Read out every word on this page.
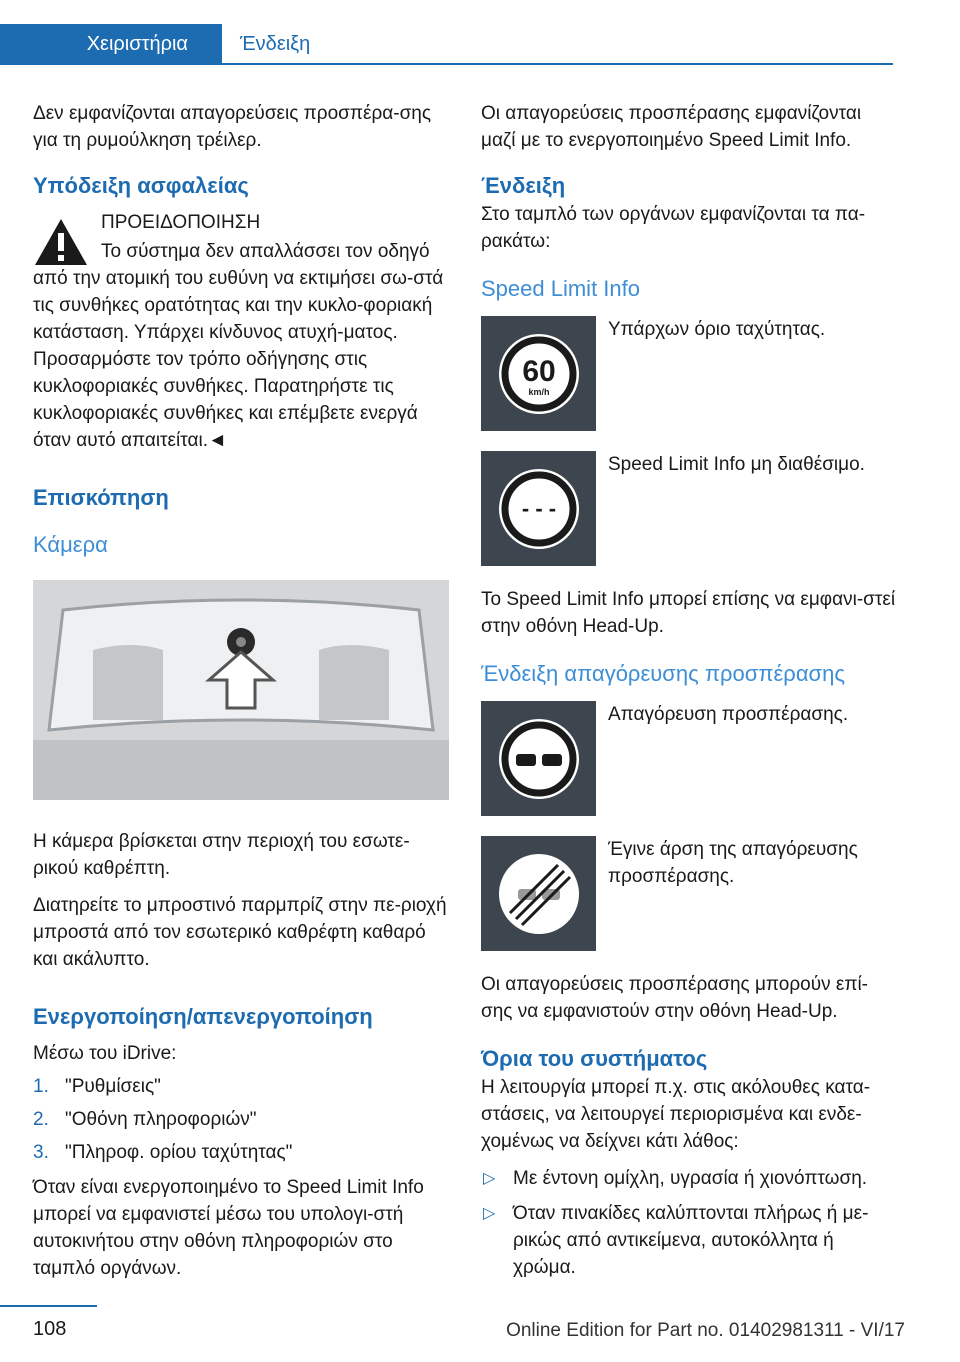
Χειριστήρια	Ένδειξη

Δεν εμφανίζονται απαγορεύσεις προσπέρα-σης για τη ρυμούλκηση τρέιλερ.

Υπόδειξη ασφαλείας

ΠΡΟΕΙΔΟΠΟΙΗΣΗ

Το σύστημα δεν απαλλάσσει τον οδηγό από την ατομική του ευθύνη να εκτιμήσει σω-στά τις συνθήκες ορατότητας και την κυκλο-φοριακή κατάσταση. Υπάρχει κίνδυνος ατυχή-ματος. Προσαρμόστε τον τρόπο οδήγησης στις κυκλοφοριακές συνθήκες. Παρατηρήστε τις κυκλοφοριακές συνθήκες και επέμβετε ενεργά όταν αυτό απαιτείται.◄

Επισκόπηση
Κάμερα

Η κάμερα βρίσκεται στην περιοχή του εσωτε-ρικού καθρέπτη.

Διατηρείτε το μπροστινό παρμπρίζ στην πε-ριοχή μπροστά από τον εσωτερικό καθρέφτη καθαρό και ακάλυπτο.

Ενεργοποίηση/απενεργοποίηση

Μέσω του iDrive:

1. "Ρυθμίσεις"
2. "Οθόνη πληροφοριών"
3. "Πληροφ. ορίου ταχύτητας"

Όταν είναι ενεργοποιημένο το Speed Limit Info μπορεί να εμφανιστεί μέσω του υπολογι-στή αυτοκινήτου στην οθόνη πληροφοριών στο ταμπλό οργάνων.

Οι απαγορεύσεις προσπέρασης εμφανίζονται μαζί με το ενεργοποιημένο Speed Limit Info.

Ένδειξη

Στο ταμπλό των οργάνων εμφανίζονται τα πα-ρακάτω:

Speed Limit Info
60
km/h
Υπάρχων όριο ταχύτητας.
- - -
Speed Limit Info μη διαθέσιμο.

Το Speed Limit Info μπορεί επίσης να εμφανι-στεί στην οθόνη Head-Up.

Ένδειξη απαγόρευσης προσπέρασης
Απαγόρευση προσπέρασης.
Έγινε άρση της απαγόρευσης προσπέρασης.

Οι απαγορεύσεις προσπέρασης μπορούν επί-σης να εμφανιστούν στην οθόνη Head-Up.

Όρια του συστήματος

Η λειτουργία μπορεί π.χ. στις ακόλουθες κατα-στάσεις, να λειτουργεί περιορισμένα και ενδε-χομένως να δείχνει κάτι λάθος:

▷ Με έντονη ομίχλη, υγρασία ή χιονόπτωση.
▷ Όταν πινακίδες καλύπτονται πλήρως ή με-ρικώς από αντικείμενα, αυτοκόλλητα ή χρώμα.
108	Online Edition for Part no. 01402981311 - VI/17
